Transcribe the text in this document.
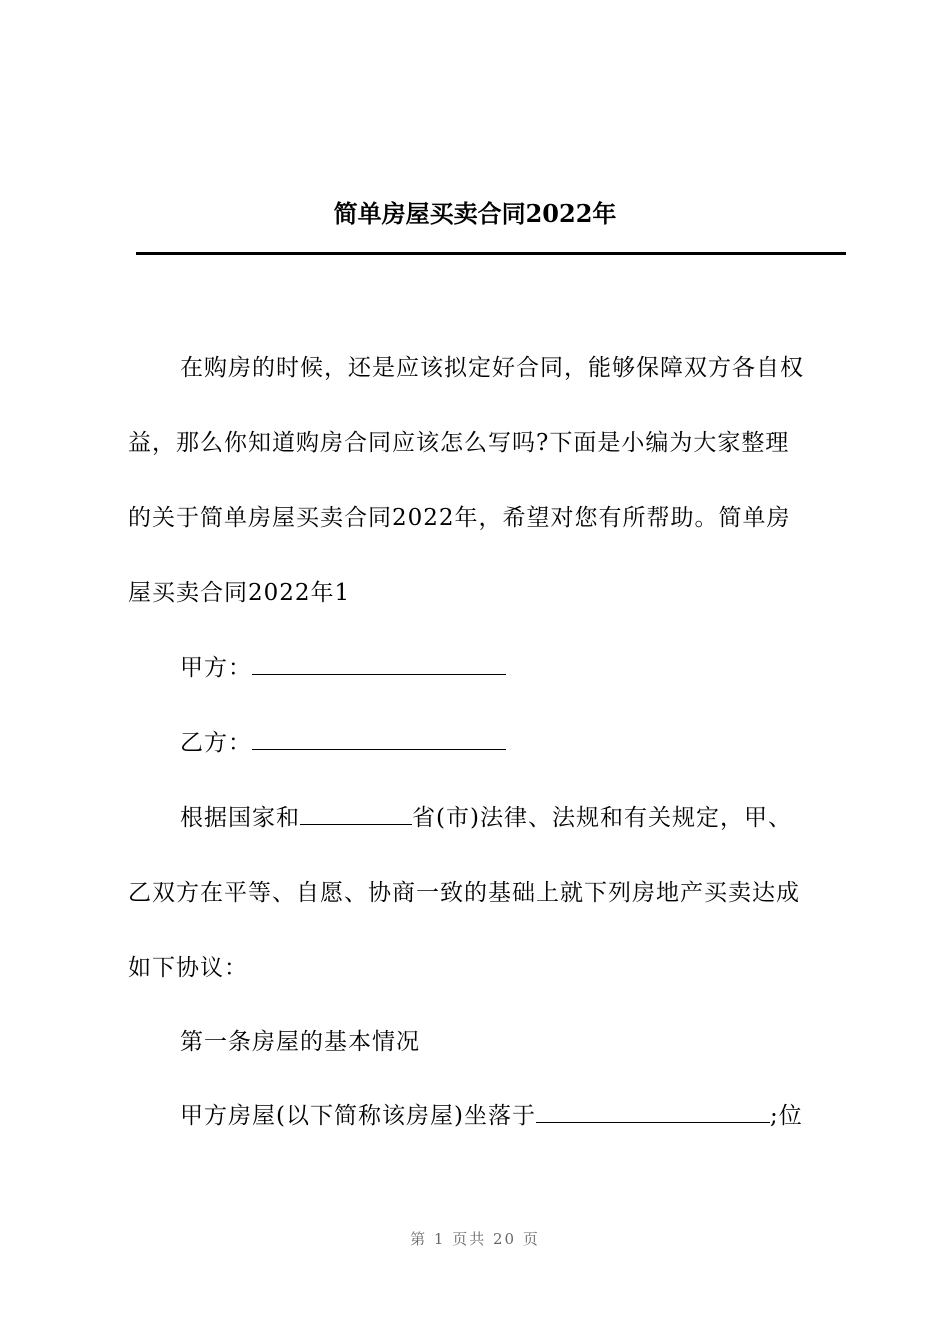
简单房屋买卖合同2022年
在购房的时候，还是应该拟定好合同，能够保障双方各自权
益，那么你知道购房合同应该怎么写吗?下面是小编为大家整理
的关于简单房屋买卖合同2022年，希望对您有所帮助。简单房
屋买卖合同2022年1
甲方：
乙方：
根据国家和	省(市)法律、法规和有关规定，甲、
乙双方在平等、自愿、协商一致的基础上就下列房地产买卖达成
如下协议：
第一条房屋的基本情况
甲方房屋(以下简称该房屋)坐落于	;位
第 1 页共 20 页
